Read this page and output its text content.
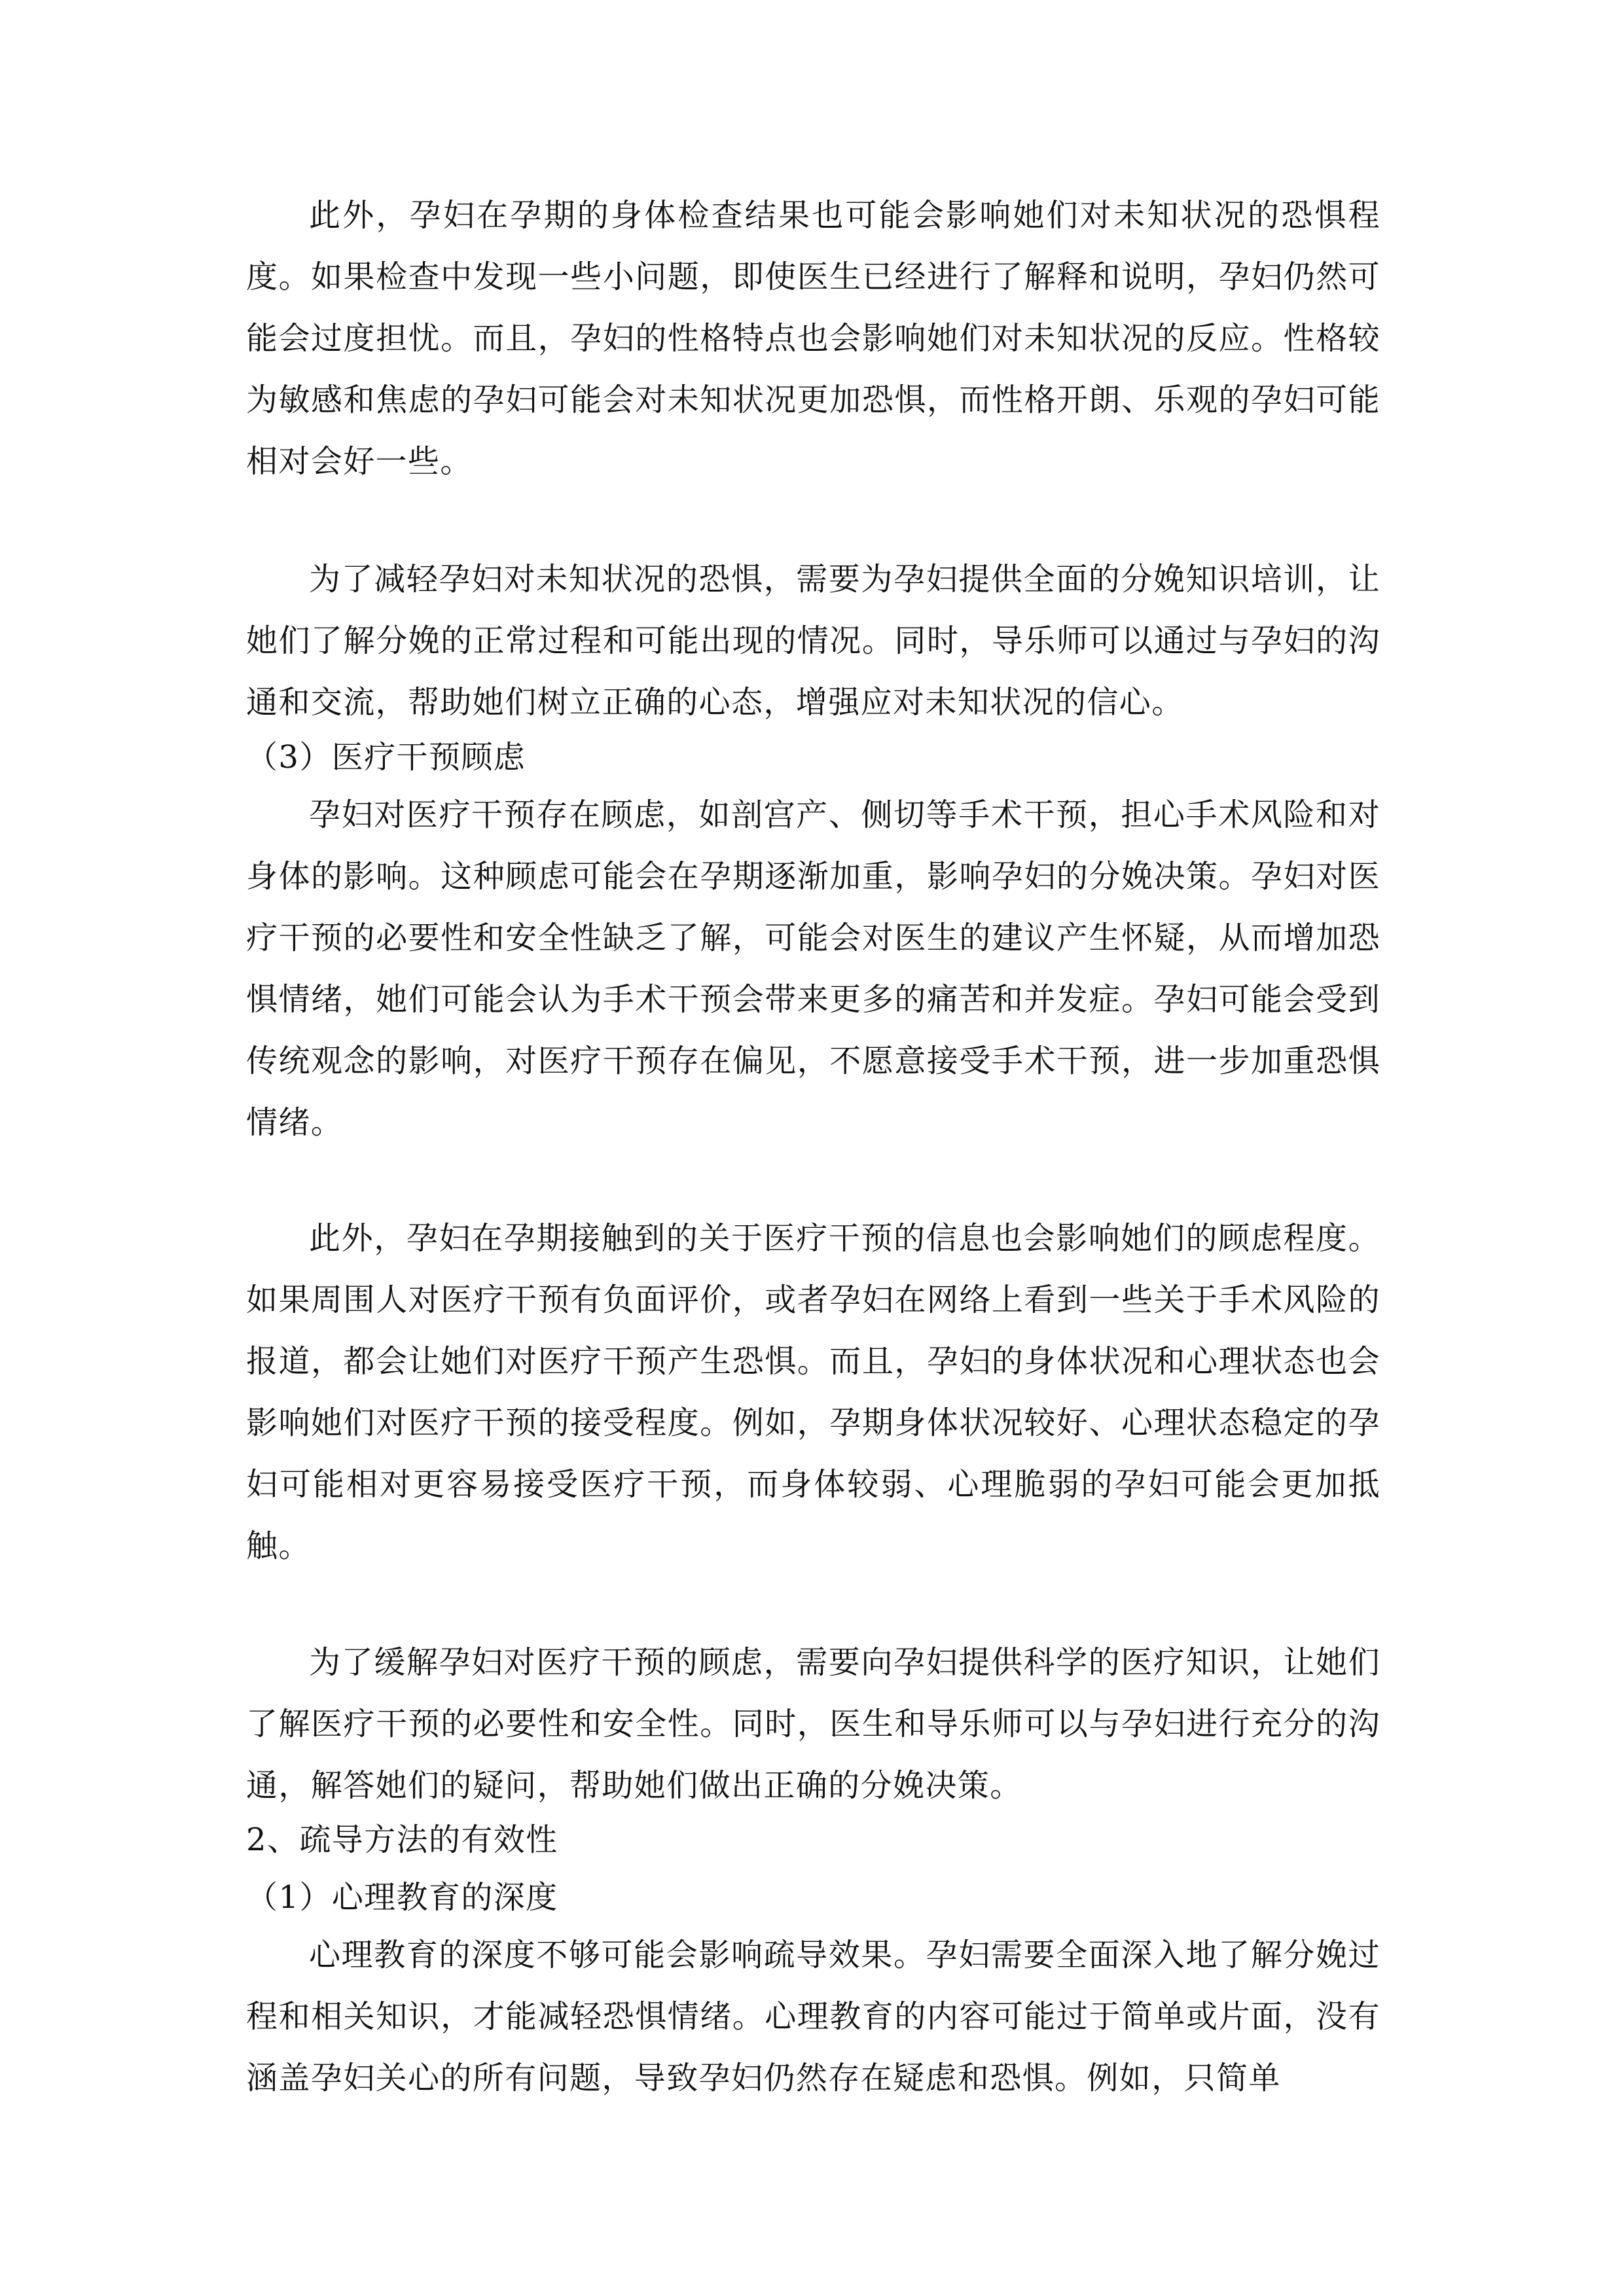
此外，孕妇在孕期的身体检查结果也可能会影响她们对未知状况的恐惧程度。如果检查中发现一些小问题，即使医生已经进行了解释和说明，孕妇仍然可能会过度担忧。而且，孕妇的性格特点也会影响她们对未知状况的反应。性格较为敏感和焦虑的孕妇可能会对未知状况更加恐惧，而性格开朗、乐观的孕妇可能相对会好一些。

为了减轻孕妇对未知状况的恐惧，需要为孕妇提供全面的分娩知识培训，让她们了解分娩的正常过程和可能出现的情况。同时，导乐师可以通过与孕妇的沟通和交流，帮助她们树立正确的心态，增强应对未知状况的信心。

（3）医疗干预顾虑

孕妇对医疗干预存在顾虑，如剖宫产、侧切等手术干预，担心手术风险和对身体的影响。这种顾虑可能会在孕期逐渐加重，影响孕妇的分娩决策。孕妇对医疗干预的必要性和安全性缺乏了解，可能会对医生的建议产生怀疑，从而增加恐惧情绪，她们可能会认为手术干预会带来更多的痛苦和并发症。孕妇可能会受到传统观念的影响，对医疗干预存在偏见，不愿意接受手术干预，进一步加重恐惧情绪。

此外，孕妇在孕期接触到的关于医疗干预的信息也会影响她们的顾虑程度。如果周围人对医疗干预有负面评价，或者孕妇在网络上看到一些关于手术风险的报道，都会让她们对医疗干预产生恐惧。而且，孕妇的身体状况和心理状态也会影响她们对医疗干预的接受程度。例如，孕期身体状况较好、心理状态稳定的孕妇可能相对更容易接受医疗干预，而身体较弱、心理脆弱的孕妇可能会更加抵触。

为了缓解孕妇对医疗干预的顾虑，需要向孕妇提供科学的医疗知识，让她们了解医疗干预的必要性和安全性。同时，医生和导乐师可以与孕妇进行充分的沟通，解答她们的疑问，帮助她们做出正确的分娩决策。

2、疏导方法的有效性

（1）心理教育的深度

心理教育的深度不够可能会影响疏导效果。孕妇需要全面深入地了解分娩过程和相关知识，才能减轻恐惧情绪。心理教育的内容可能过于简单或片面，没有涵盖孕妇关心的所有问题，导致孕妇仍然存在疑虑和恐惧。例如，只简单
